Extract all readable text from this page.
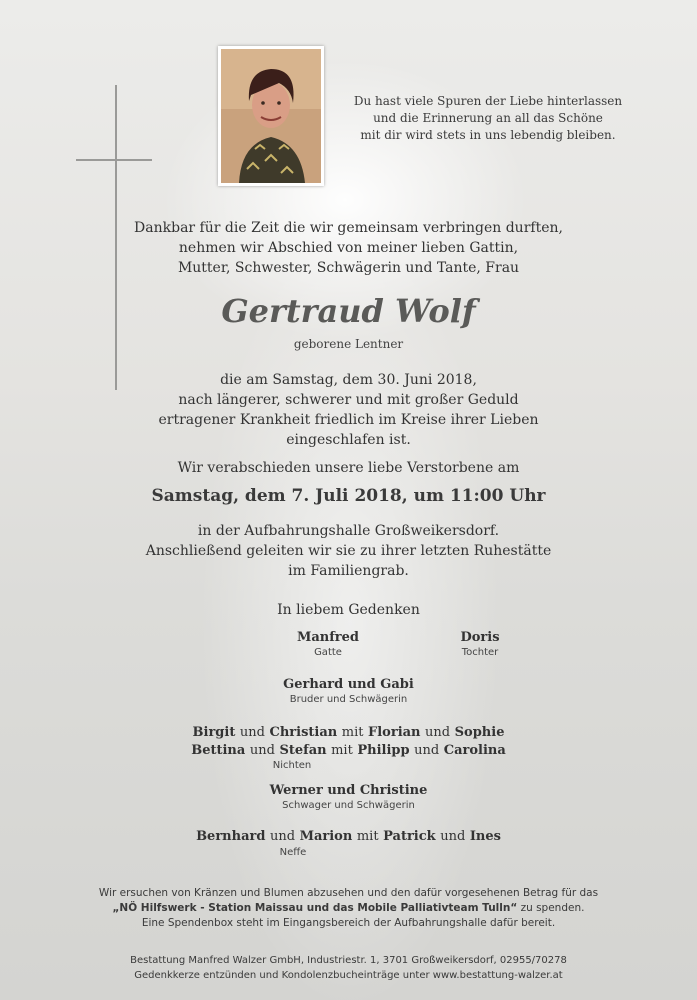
Du hast viele Spuren der Liebe hinterlassen
und die Erinnerung an all das Schöne
mit dir wird stets in uns lebendig bleiben.
Dankbar für die Zeit die wir gemeinsam verbringen durften,
nehmen wir Abschied von meiner lieben Gattin,
Mutter, Schwester, Schwägerin und Tante, Frau
Gertraud Wolf
geborene Lentner
die am Samstag, dem 30. Juni 2018,
nach längerer, schwerer und mit großer Geduld
ertragener Krankheit friedlich im Kreise ihrer Lieben
eingeschlafen ist.
Wir verabschieden unsere liebe Verstorbene am
Samstag, dem 7. Juli 2018, um 11:00 Uhr
in der Aufbahrungshalle Großweikersdorf.
Anschließend geleiten wir sie zu ihrer letzten Ruhestätte
im Familiengrab.
In liebem Gedenken
Manfred
Gatte
Doris
Tochter
Gerhard und Gabi
Bruder und Schwägerin
Birgit und Christian mit Florian und Sophie
Bettina und Stefan mit Philipp und Carolina
Nichten
Werner und Christine
Schwager und Schwägerin
Bernhard und Marion mit Patrick und Ines
Neffe
Wir ersuchen von Kränzen und Blumen abzusehen und den dafür vorgesehenen Betrag für das
„NÖ Hilfswerk - Station Maissau und das Mobile Palliativteam Tulln“ zu spenden.
Eine Spendenbox steht im Eingangsbereich der Aufbahrungshalle dafür bereit.
Bestattung Manfred Walzer GmbH, Industriestr. 1, 3701 Großweikersdorf, 02955/70278
Gedenkkerze entzünden und Kondolenzbucheinträge unter www.bestattung-walzer.at
